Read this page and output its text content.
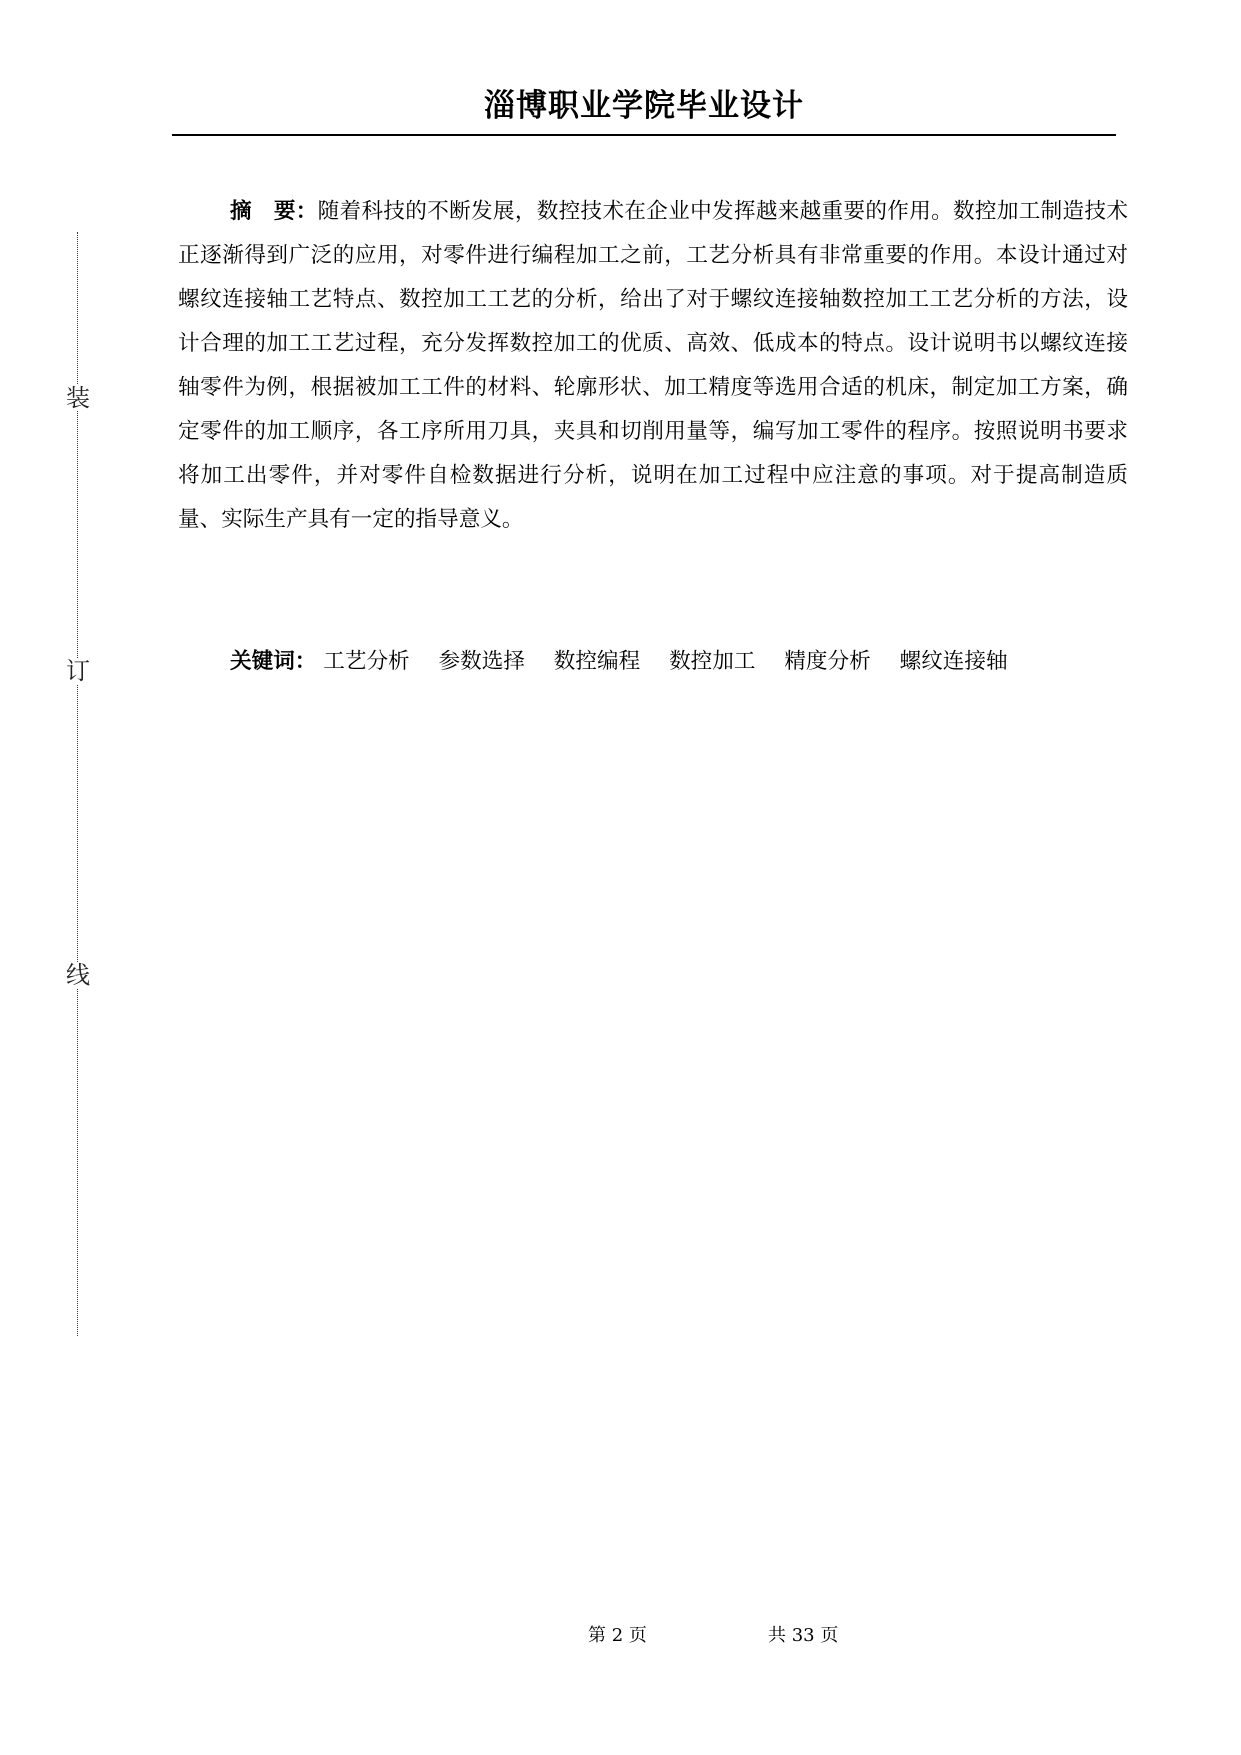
淄博职业学院毕业设计
装
订
线

摘　要：随着科技的不断发展，数控技术在企业中发挥越来越重要的作用。数控加工制造技术正逐渐得到广泛的应用，对零件进行编程加工之前，工艺分析具有非常重要的作用。本设计通过对螺纹连接轴工艺特点、数控加工工艺的分析，给出了对于螺纹连接轴数控加工工艺分析的方法，设计合理的加工工艺过程，充分发挥数控加工的优质、高效、低成本的特点。设计说明书以螺纹连接轴零件为例，根据被加工工件的材料、轮廓形状、加工精度等选用合适的机床，制定加工方案，确定零件的加工顺序，各工序所用刀具，夹具和切削用量等，编写加工零件的程序。按照说明书要求将加工出零件，并对零件自检数据进行分析，说明在加工过程中应注意的事项。对于提高制造质量、实际生产具有一定的指导意义。

关键词： 工艺分析 参数选择 数控编程 数控加工 精度分析 螺纹连接轴
第 2 页	共 33 页
